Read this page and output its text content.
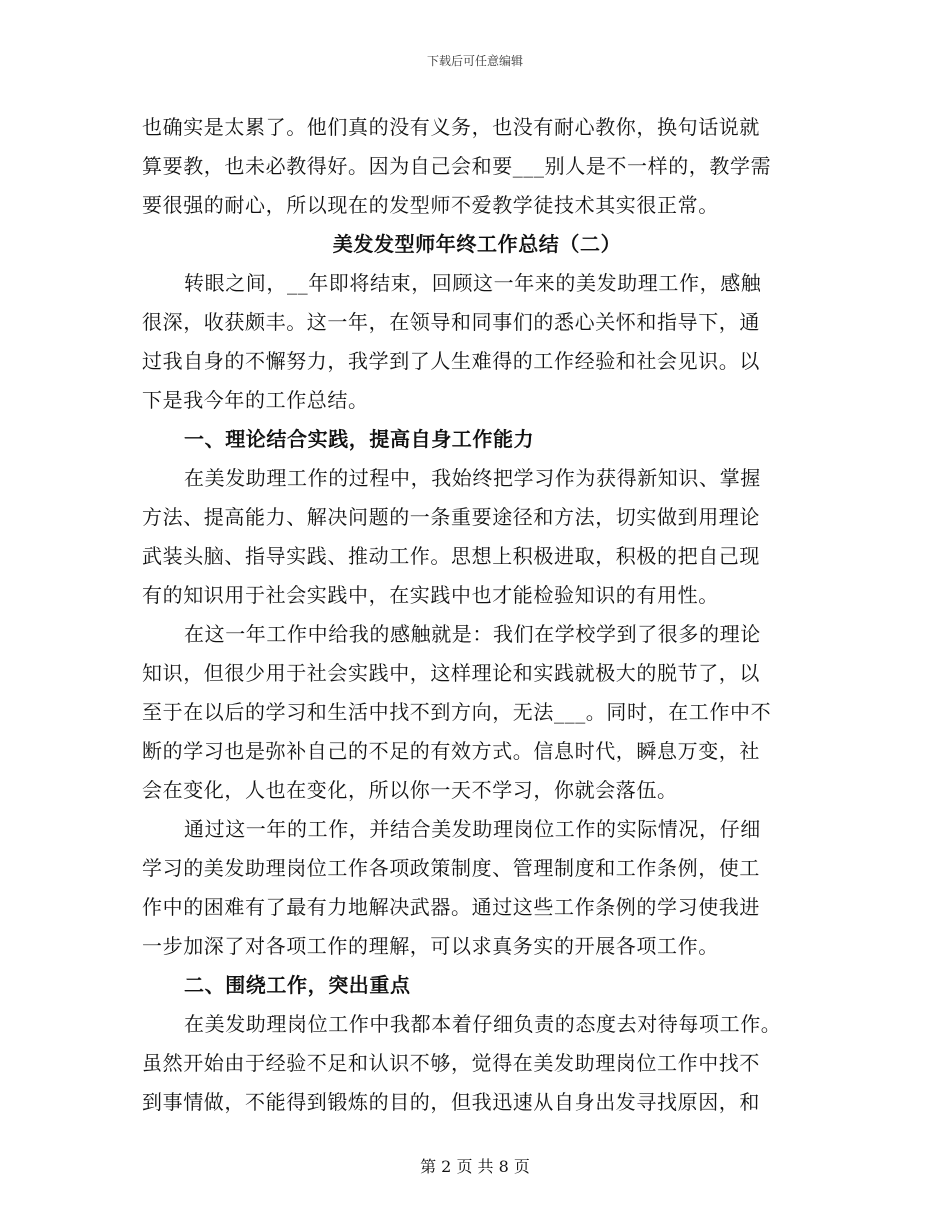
下载后可任意编辑
也确实是太累了。他们真的没有义务，也没有耐心教你，换句话说就
算要教，也未必教得好。因为自己会和要___别人是不一样的，教学需
要很强的耐心，所以现在的发型师不爱教学徒技术其实很正常。
美发发型师年终工作总结（二）
转眼之间，__年即将结束，回顾这一年来的美发助理工作，感触
很深，收获颇丰。这一年，在领导和同事们的悉心关怀和指导下，通
过我自身的不懈努力，我学到了人生难得的工作经验和社会见识。以
下是我今年的工作总结。
一、理论结合实践，提高自身工作能力
在美发助理工作的过程中，我始终把学习作为获得新知识、掌握
方法、提高能力、解决问题的一条重要途径和方法，切实做到用理论
武装头脑、指导实践、推动工作。思想上积极进取，积极的把自己现
有的知识用于社会实践中，在实践中也才能检验知识的有用性。
在这一年工作中给我的感触就是：我们在学校学到了很多的理论
知识，但很少用于社会实践中，这样理论和实践就极大的脱节了，以
至于在以后的学习和生活中找不到方向，无法___。同时，在工作中不
断的学习也是弥补自己的不足的有效方式。信息时代，瞬息万变，社
会在变化，人也在变化，所以你一天不学习，你就会落伍。
通过这一年的工作，并结合美发助理岗位工作的实际情况，仔细
学习的美发助理岗位工作各项政策制度、管理制度和工作条例，使工
作中的困难有了最有力地解决武器。通过这些工作条例的学习使我进
一步加深了对各项工作的理解，可以求真务实的开展各项工作。
二、围绕工作，突出重点
在美发助理岗位工作中我都本着仔细负责的态度去对待每项工作。
虽然开始由于经验不足和认识不够，觉得在美发助理岗位工作中找不
到事情做，不能得到锻炼的目的，但我迅速从自身出发寻找原因，和
第 2 页 共 8 页
